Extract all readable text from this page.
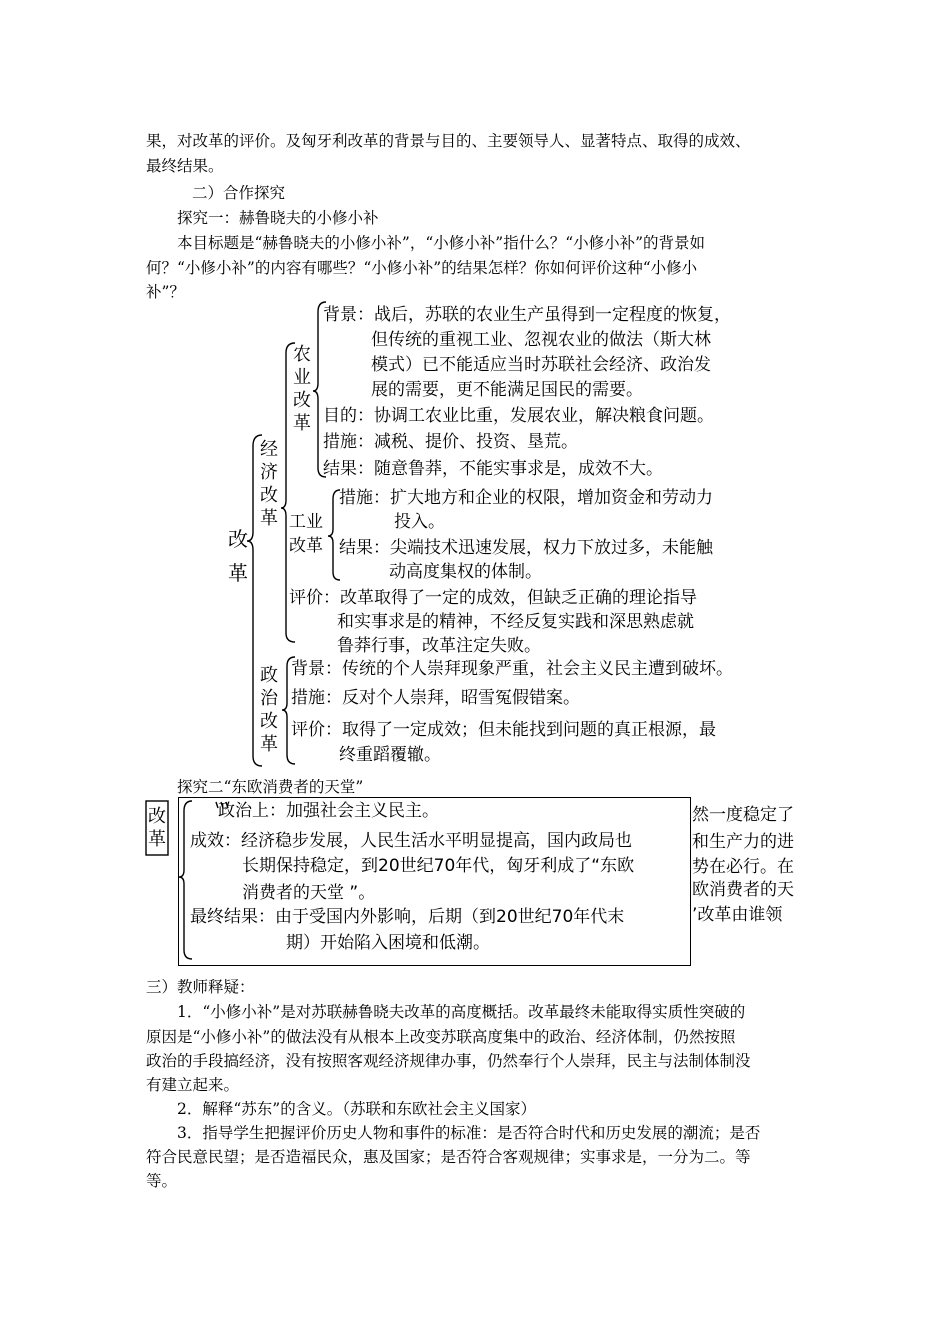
果，对改革的评价。及匈牙利改革的背景与目的、主要领导人、显著特点、取得的成效、
最终结果。
二）合作探究
探究一：赫鲁晓夫的小修小补
本目标题是“赫鲁晓夫的小修小补”，“小修小补”指什么？“小修小补”的背景如
何？“小修小补”的内容有哪些？“小修小补”的结果怎样？你如何评价这种“小修小
补”？
改革
经济改革
农业改革
工业
改革
政治改革
背景：战后，苏联的农业生产虽得到一定程度的恢复，
但传统的重视工业、忽视农业的做法（斯大林
模式）已不能适应当时苏联社会经济、政治发
展的需要，更不能满足国民的需要。
目的：协调工农业比重，发展农业，解决粮食问题。
措施：减税、提价、投资、垦荒。
结果：随意鲁莽，不能实事求是，成效不大。
措施：扩大地方和企业的权限，增加资金和劳动力
投入。
结果：尖端技术迅速发展，权力下放过多，未能触
动高度集权的体制。
评价：改革取得了一定的成效，但缺乏正确的理论指导
和实事求是的精神，不经反复实践和深思熟虑就
鲁莽行事，改革注定失败。
背景：传统的个人崇拜现象严重，社会主义民主遭到破坏。
措施：反对个人崇拜，昭雪冤假错案。
评价：取得了一定成效；但未能找到问题的真正根源，最
终重蹈覆辙。
探究二“东欧消费者的天堂”
然一度稳定了
和生产力的进
势在必行。在
欧消费者的天
’改革由谁领
改革
政治上：加强社会主义民主。
成效：经济稳步发展，人民生活水平明显提高，国内政局也
长期保持稳定，到20世纪70年代，匈牙利成了“东欧
消费者的天堂 ”。
最终结果：由于受国内外影响，后期（到20世纪70年代末
期）开始陷入困境和低潮。
三）教师释疑：
1．“小修小补”是对苏联赫鲁晓夫改革的高度概括。改革最终未能取得实质性突破的
原因是“小修小补”的做法没有从根本上改变苏联高度集中的政治、经济体制，仍然按照
政治的手段搞经济，没有按照客观经济规律办事，仍然奉行个人崇拜，民主与法制体制没
有建立起来。
2．解释“苏东”的含义。（苏联和东欧社会主义国家）
3．指导学生把握评价历史人物和事件的标准：是否符合时代和历史发展的潮流；是否
符合民意民望；是否造福民众，惠及国家；是否符合客观规律；实事求是，一分为二。等
等。
